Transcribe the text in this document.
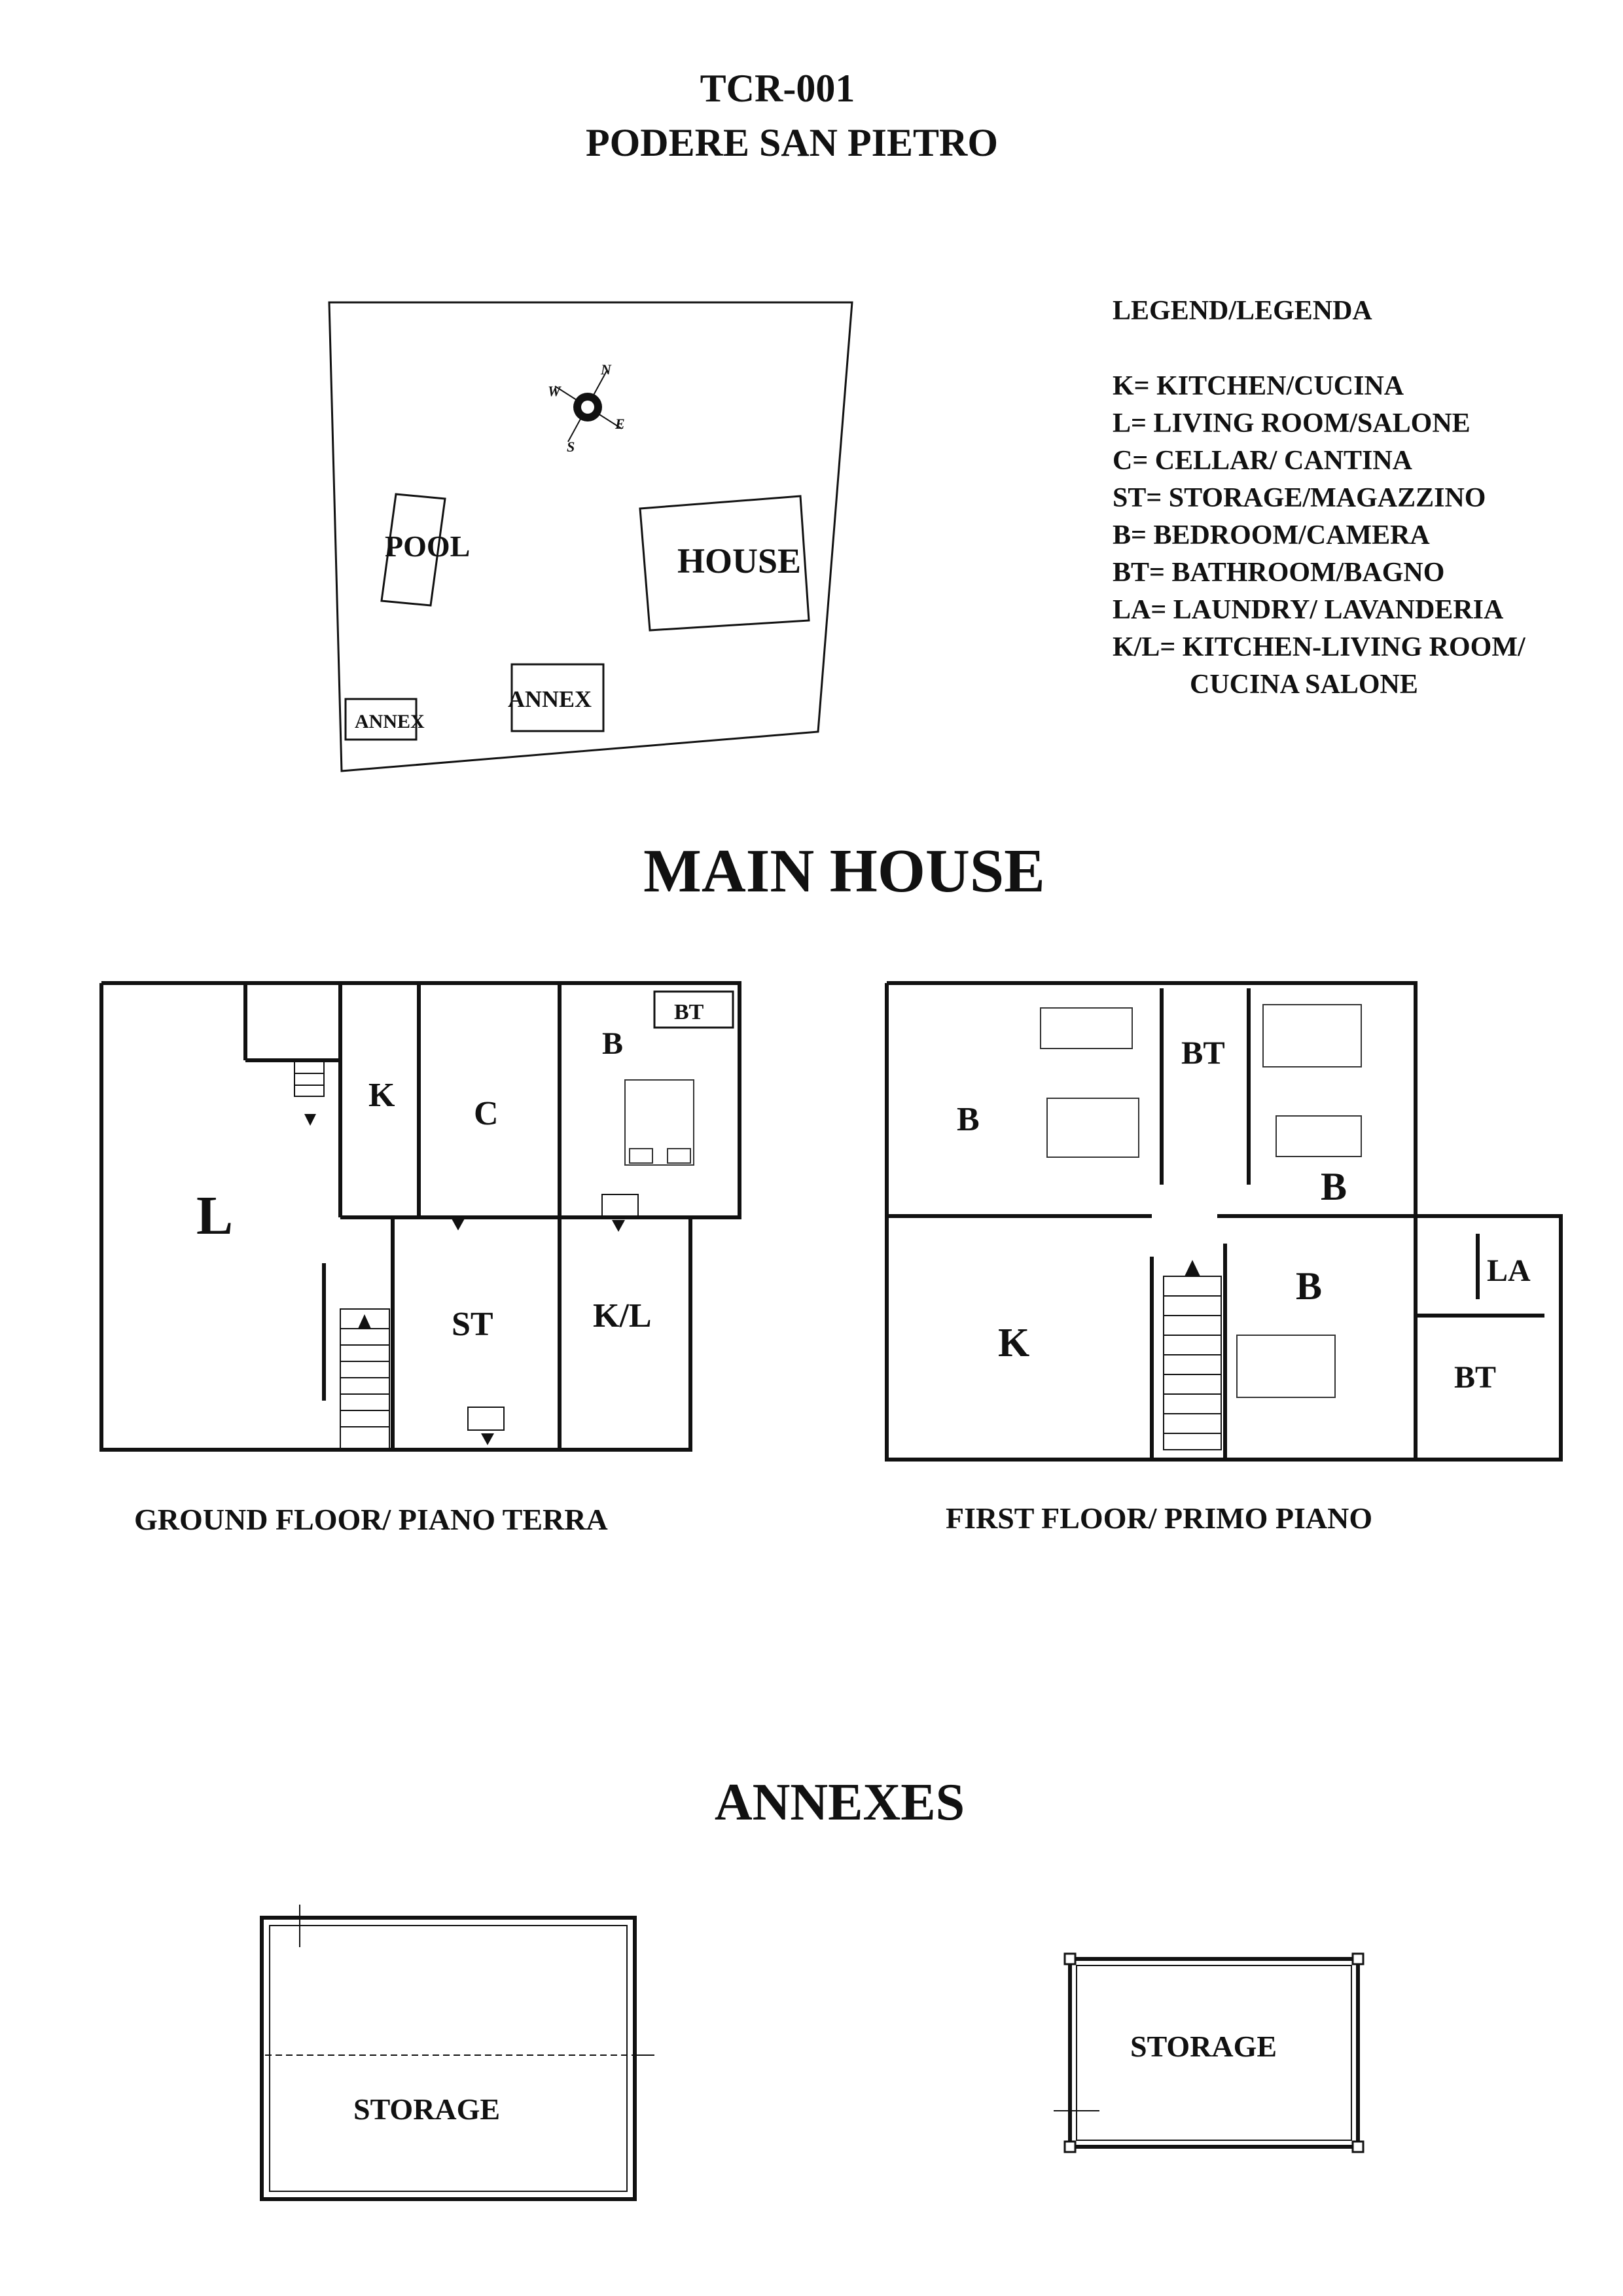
TCR-001
PODERE SAN PIETRO
POOL	HOUSE
ANNEX
ANNEX
N
W
E
S
LEGEND/LEGENDA
K= KITCHEN/CUCINA
L= LIVING ROOM/SALONE
C= CELLAR/ CANTINA
ST= STORAGE/MAGAZZINO
B= BEDROOM/CAMERA
BT= BATHROOM/BAGNO
LA= LAUNDRY/ LAVANDERIA
K/L= KITCHEN-LIVING ROOM/
CUCINA SALONE
MAIN HOUSE
L
K C
B
BT
ST	K/L
GROUND FLOOR/ PIANO TERRA
B
BT
B
K
B	LA
BT
FIRST FLOOR/ PRIMO PIANO
ANNEXES
STORAGE
STORAGE
